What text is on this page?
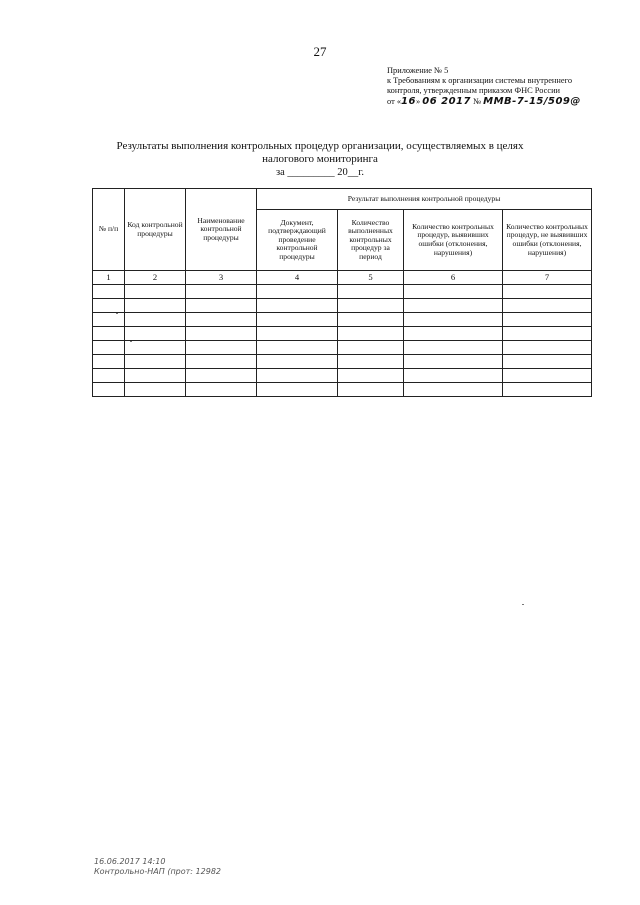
27
Приложение № 5
к Требованиям к организации системы внутреннего
контроля, утвержденным приказом ФНС России
от «16» 06 2017 № ММВ-7-15/509@
Результаты выполнения контрольных процедур организации, осуществляемых в целях налогового мониторинга
за _________ 20__г.
№ п/п	Код контрольной процедуры	Наименование контрольной процедуры	Результат выполнения контрольной процедуры			
			Документ, подтверждающий проведение контрольной процедуры	Количество выполненных контрольных процедур за период	Количество контрольных процедур, выявивших ошибки (отклонения, нарушения)	Количество контрольных процедур, не выявивших ошибки (отклонения, нарушения)
1	2	3	4	5	6	7

16.06.2017 14:10
Контрольно-НАП (прот: 12982
